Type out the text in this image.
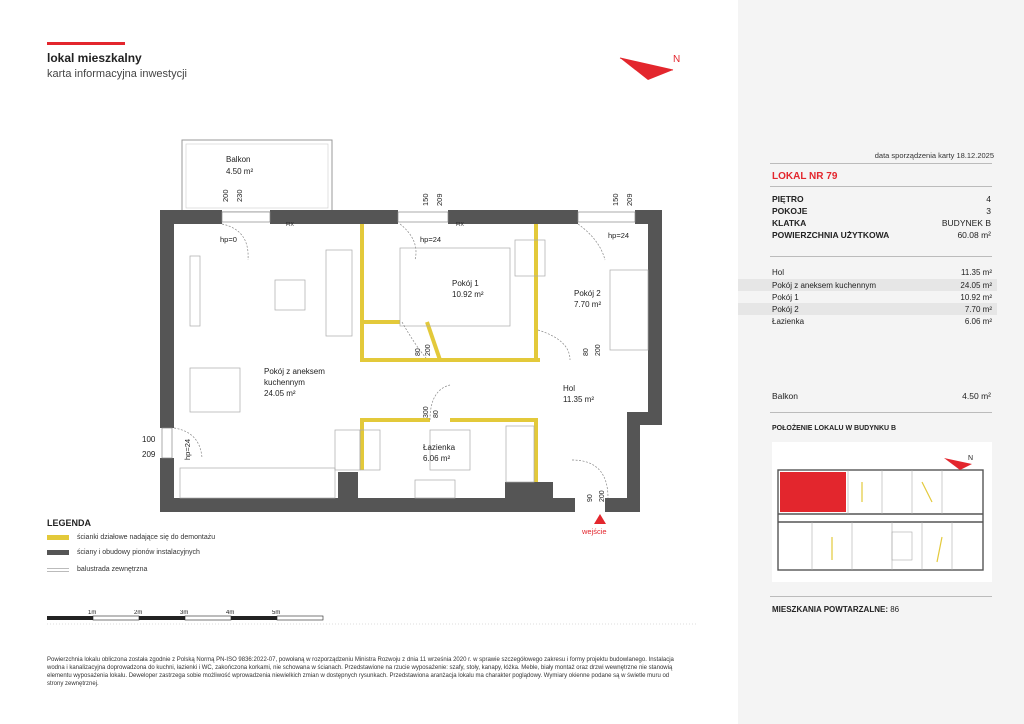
lokal mieszkalny
karta informacyjna inwestycji
N
Balkon
4.50 m²
Pokój 1
10.92 m²	Pokój 2
7.70 m²
Pokój z aneksem
kuchennym
24.05 m²
Hol
11.35 m²
Łazienka
6.06 m²
hp=0	hp=24	hp=24
hp=24
FIX	FIX
200 230	150 209	150 209
100
209
80 200	80 200
300 80
90 200
wejście
LEGENDA
ścianki działowe nadające się do demontażu
ściany i obudowy pionów instalacyjnych
balustrada zewnętrzna
1m	2m	3m	4m	5m
Powierzchnia lokalu obliczona została zgodnie z Polską Normą PN-ISO 9836:2022-07, powołaną w rozporządzeniu Ministra Rozwoju z dnia 11 września 2020 r. w sprawie szczegółowego zakresu i formy projektu budowlanego. Instalacja wodna i kanalizacyjna doprowadzona do kuchni, łazienki i WC, zakończona korkami, nie schowana w ścianach. Przedstawione na rzucie wyposażenie: szafy, stoły, kanapy, łóżka. Meble, biały montaż oraz drzwi wewnętrzne nie stanowią elementu wyposażenia lokalu. Deweloper zastrzega sobie możliwość wprowadzenia niewielkich zmian w dostępnych rysunkach. Przedstawiona aranżacja lokalu ma charakter poglądowy. Wymiary okienne podane są w świetle muru od strony zewnętrznej.
data sporządzenia karty 18.12.2025
LOKAL NR 79
PIĘTRO	4
POKOJE	3
KLATKA	BUDYNEK B
POWIERZCHNIA UŻYTKOWA	60.08 m²
Hol	11.35 m²
Pokój z aneksem kuchennym	24.05 m²
Pokój 1	10.92 m²
Pokój 2	7.70 m²
Łazienka	6.06 m²
Balkon	4.50 m²
POŁOŻENIE LOKALU W BUDYNKU B
N
MIESZKANIA POWTARZALNE: 86
